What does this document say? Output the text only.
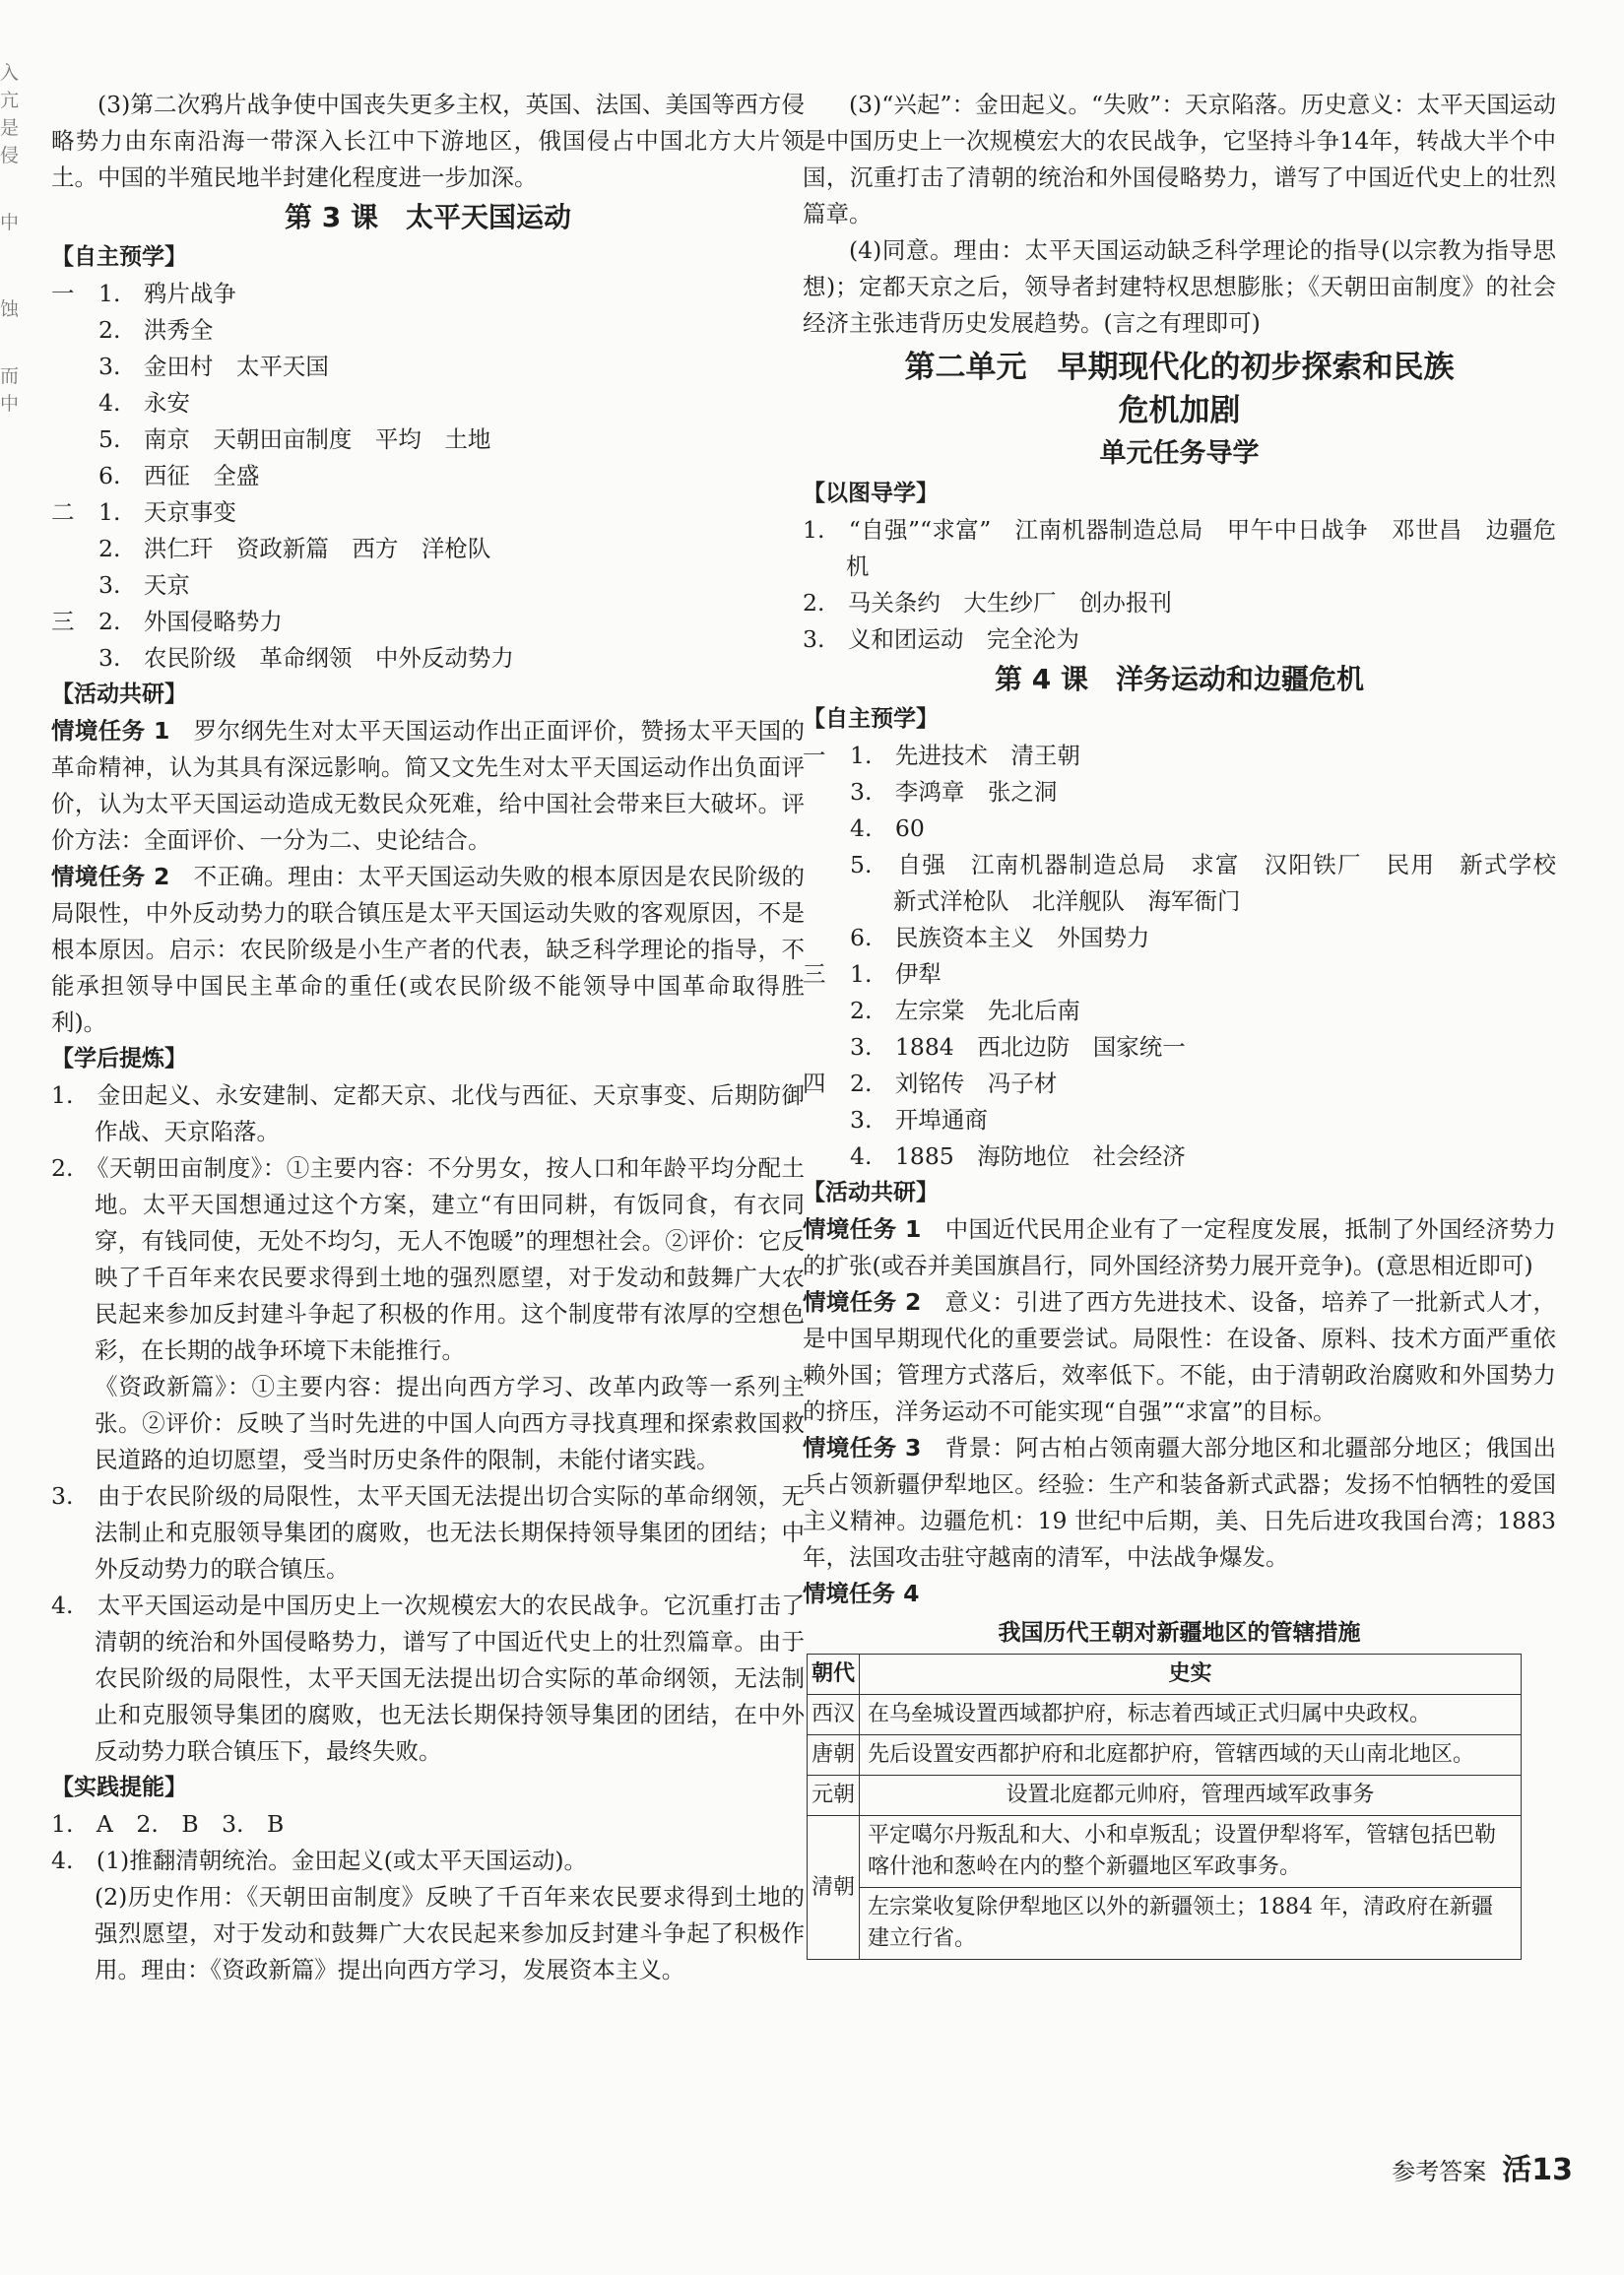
入
亢
是
侵
中
蚀
而
中
(3)第二次鸦片战争使中国丧失更多主权，英国、法国、美国等西方侵略势力由东南沿海一带深入长江中下游地区，俄国侵占中国北方大片领土。中国的半殖民地半封建化程度进一步加深。
第 3 课　太平天国运动
【自主预学】
一	1.　鸦片战争
2.　洪秀全
3.　金田村　太平天国
4.　永安
5.　南京　天朝田亩制度　平均　土地
6.　西征　全盛
二	1.　天京事变
2.　洪仁玕　资政新篇　西方　洋枪队
3.　天京
三	2.　外国侵略势力
3.　农民阶级　革命纲领　中外反动势力
【活动共研】
情境任务 1　 罗尔纲先生对太平天国运动作出正面评价，赞扬太平天国的革命精神，认为其具有深远影响。简又文先生对太平天国运动作出负面评价，认为太平天国运动造成无数民众死难，给中国社会带来巨大破坏。评价方法：全面评价、一分为二、史论结合。
情境任务 2　 不正确。理由：太平天国运动失败的根本原因是农民阶级的局限性，中外反动势力的联合镇压是太平天国运动失败的客观原因，不是根本原因。启示：农民阶级是小生产者的代表，缺乏科学理论的指导，不能承担领导中国民主革命的重任(或农民阶级不能领导中国革命取得胜利)。
【学后提炼】
1.　金田起义、永安建制、定都天京、北伐与西征、天京事变、后期防御作战、天京陷落。
2.　《天朝田亩制度》：①主要内容：不分男女，按人口和年龄平均分配土地。太平天国想通过这个方案，建立“有田同耕，有饭同食，有衣同穿，有钱同使，无处不均匀，无人不饱暖”的理想社会。②评价：它反映了千百年来农民要求得到土地的强烈愿望，对于发动和鼓舞广大农民起来参加反封建斗争起了积极的作用。这个制度带有浓厚的空想色彩，在长期的战争环境下未能推行。
《资政新篇》：①主要内容：提出向西方学习、改革内政等一系列主张。②评价：反映了当时先进的中国人向西方寻找真理和探索救国救民道路的迫切愿望，受当时历史条件的限制，未能付诸实践。
3.　由于农民阶级的局限性，太平天国无法提出切合实际的革命纲领，无法制止和克服领导集团的腐败，也无法长期保持领导集团的团结；中外反动势力的联合镇压。
4.　太平天国运动是中国历史上一次规模宏大的农民战争。它沉重打击了清朝的统治和外国侵略势力，谱写了中国近代史上的壮烈篇章。由于农民阶级的局限性，太平天国无法提出切合实际的革命纲领，无法制止和克服领导集团的腐败，也无法长期保持领导集团的团结，在中外反动势力联合镇压下，最终失败。
【实践提能】
1.　A　2.　B　3.　B
4.　(1)推翻清朝统治。金田起义(或太平天国运动)。
(2)历史作用：《天朝田亩制度》反映了千百年来农民要求得到土地的强烈愿望，对于发动和鼓舞广大农民起来参加反封建斗争起了积极作用。理由：《资政新篇》提出向西方学习，发展资本主义。
(3)“兴起”：金田起义。“失败”：天京陷落。历史意义：太平天国运动是中国历史上一次规模宏大的农民战争，它坚持斗争14年，转战大半个中国，沉重打击了清朝的统治和外国侵略势力，谱写了中国近代史上的壮烈篇章。
(4)同意。理由：太平天国运动缺乏科学理论的指导(以宗教为指导思想)；定都天京之后，领导者封建特权思想膨胀；《天朝田亩制度》的社会经济主张违背历史发展趋势。(言之有理即可)
第二单元　早期现代化的初步探索和民族
危机加剧
单元任务导学
【以图导学】
1.　“自强”“求富”　江南机器制造总局　甲午中日战争　邓世昌　边疆危机
2.　马关条约　大生纱厂　创办报刊
3.　义和团运动　完全沦为
第 4 课　洋务运动和边疆危机
【自主预学】
一	1.　先进技术　清王朝
3.　李鸿章　张之洞
4.　60
5.　自强　江南机器制造总局　求富　汉阳铁厂　民用　新式学校　新式洋枪队　北洋舰队　海军衙门
6.　民族资本主义　外国势力
三	1.　伊犁
2.　左宗棠　先北后南
3.　1884　西北边防　国家统一
四	2.　刘铭传　冯子材
3.　开埠通商
4.　1885　海防地位　社会经济
【活动共研】
情境任务 1　 中国近代民用企业有了一定程度发展，抵制了外国经济势力的扩张(或吞并美国旗昌行，同外国经济势力展开竞争)。(意思相近即可)
情境任务 2　 意义：引进了西方先进技术、设备，培养了一批新式人才，是中国早期现代化的重要尝试。局限性：在设备、原料、技术方面严重依赖外国；管理方式落后，效率低下。不能，由于清朝政治腐败和外国势力的挤压，洋务运动不可能实现“自强”“求富”的目标。
情境任务 3　 背景：阿古柏占领南疆大部分地区和北疆部分地区；俄国出兵占领新疆伊犁地区。经验：生产和装备新式武器；发扬不怕牺牲的爱国主义精神。边疆危机：19 世纪中后期，美、日先后进攻我国台湾；1883 年，法国攻击驻守越南的清军，中法战争爆发。
情境任务 4
我国历代王朝对新疆地区的管辖措施
朝代	史实
西汉	在乌垒城设置西域都护府，标志着西域正式归属中央政权。
唐朝	先后设置安西都护府和北庭都护府，管辖西域的天山南北地区。
元朝	设置北庭都元帅府，管理西域军政事务
清朝	平定噶尔丹叛乱和大、小和卓叛乱；设置伊犁将军，管辖包括巴勒喀什池和葱岭在内的整个新疆地区军政事务。
	左宗棠收复除伊犁地区以外的新疆领土；1884 年，清政府在新疆建立行省。
参考答案 活13
